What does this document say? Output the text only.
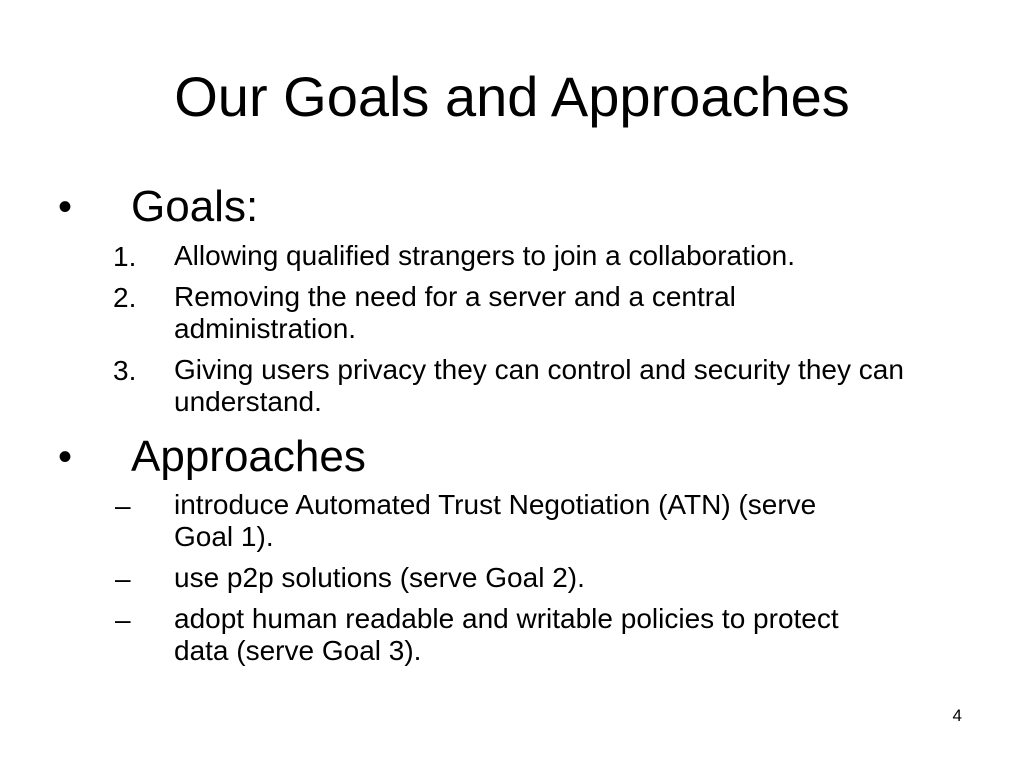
Our Goals and Approaches
• Goals:
1. Allowing qualified strangers to join a collaboration.
2. Removing the need for a server and a central administration.
3. Giving users privacy they can control and security they can understand.
• Approaches
– introduce Automated Trust Negotiation (ATN) (serve Goal 1).
– use p2p solutions (serve Goal 2).
– adopt human readable and writable policies to protect data (serve Goal 3).
4
